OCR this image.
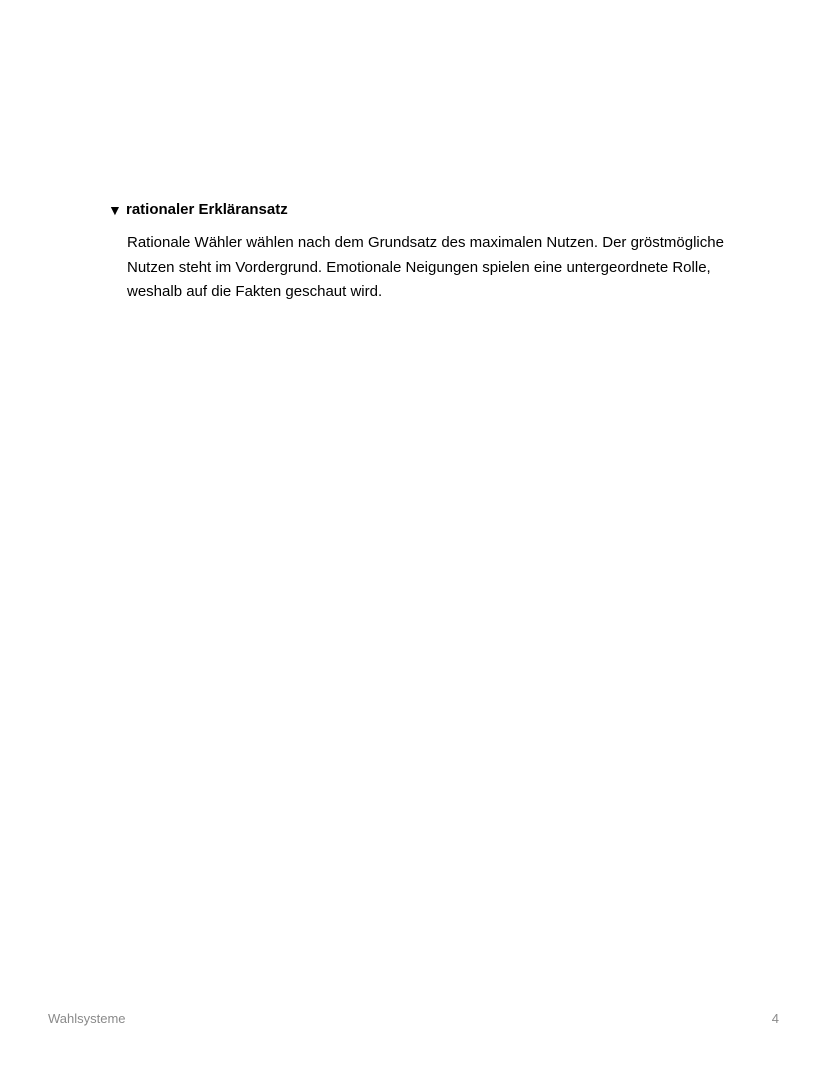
▼ rationaler Erkläransatz
Rationale Wähler wählen nach dem Grundsatz des maximalen Nutzen. Der gröstmögliche Nutzen steht im Vordergrund. Emotionale Neigungen spielen eine untergeordnete Rolle, weshalb auf die Fakten geschaut wird.
Wahlsysteme	4
